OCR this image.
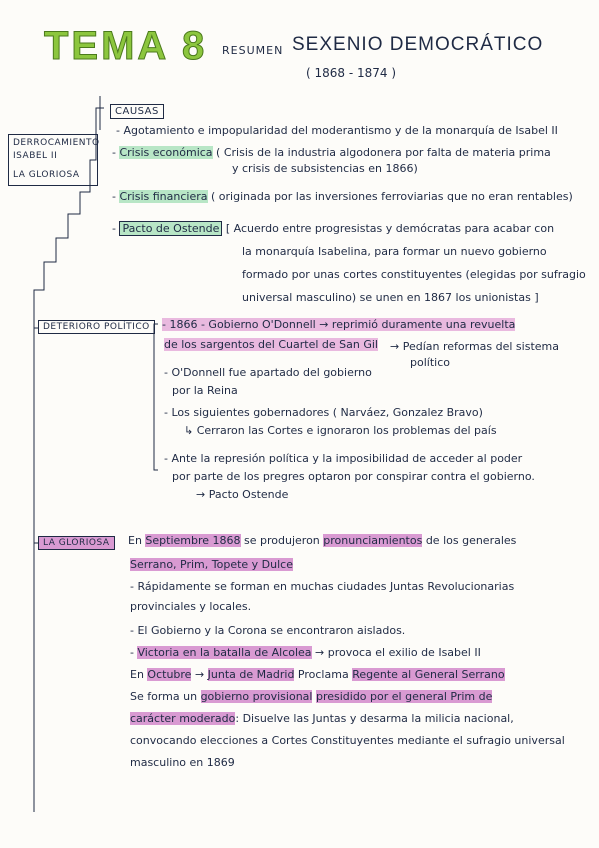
TEMA 8 RESUMEN SEXENIO DEMOCRÁTICO
( 1868 - 1874 )
DERROCAMIENTO
ISABEL II
LA GLORIOSA
CAUSAS
- Agotamiento e impopularidad del moderantismo y de la monarquía de Isabel II
- Crisis económica ( Crisis de la industria algodonera por falta de materia prima
y crisis de subsistencias en 1866)
- Crisis financiera ( originada por las inversiones ferroviarias que no eran rentables)
- Pacto de Ostende [ Acuerdo entre progresistas y demócratas para acabar con
la monarquía Isabelina, para formar un nuevo gobierno
formado por unas cortes constituyentes (elegidas por sufragio
universal masculino) se unen en 1867 los unionistas ]
DETERIORO POLÍTICO	- 1866 - Gobierno O'Donnell → reprimió duramente una revuelta
de los sargentos del Cuartel de San Gil → Pedían reformas del sistema
político
- O'Donnell fue apartado del gobierno
por la Reina
- Los siguientes gobernadores ( Narváez, Gonzalez Bravo)
↳ Cerraron las Cortes e ignoraron los problemas del país
- Ante la represión política y la imposibilidad de acceder al poder
por parte de los pregres optaron por conspirar contra el gobierno.
→ Pacto Ostende
LA GLORIOSA	En Septiembre 1868 se produjeron pronunciamientos de los generales
Serrano, Prim, Topete y Dulce
- Rápidamente se forman en muchas ciudades Juntas Revolucionarias
provinciales y locales.
- El Gobierno y la Corona se encontraron aislados.
- Victoria en la batalla de Alcolea → provoca el exilio de Isabel II
En Octubre → Junta de Madrid Proclama Regente al General Serrano
Se forma un gobierno provisional presidido por el general Prim de
carácter moderado: Disuelve las Juntas y desarma la milicia nacional,
convocando elecciones a Cortes Constituyentes mediante el sufragio universal
masculino en 1869
